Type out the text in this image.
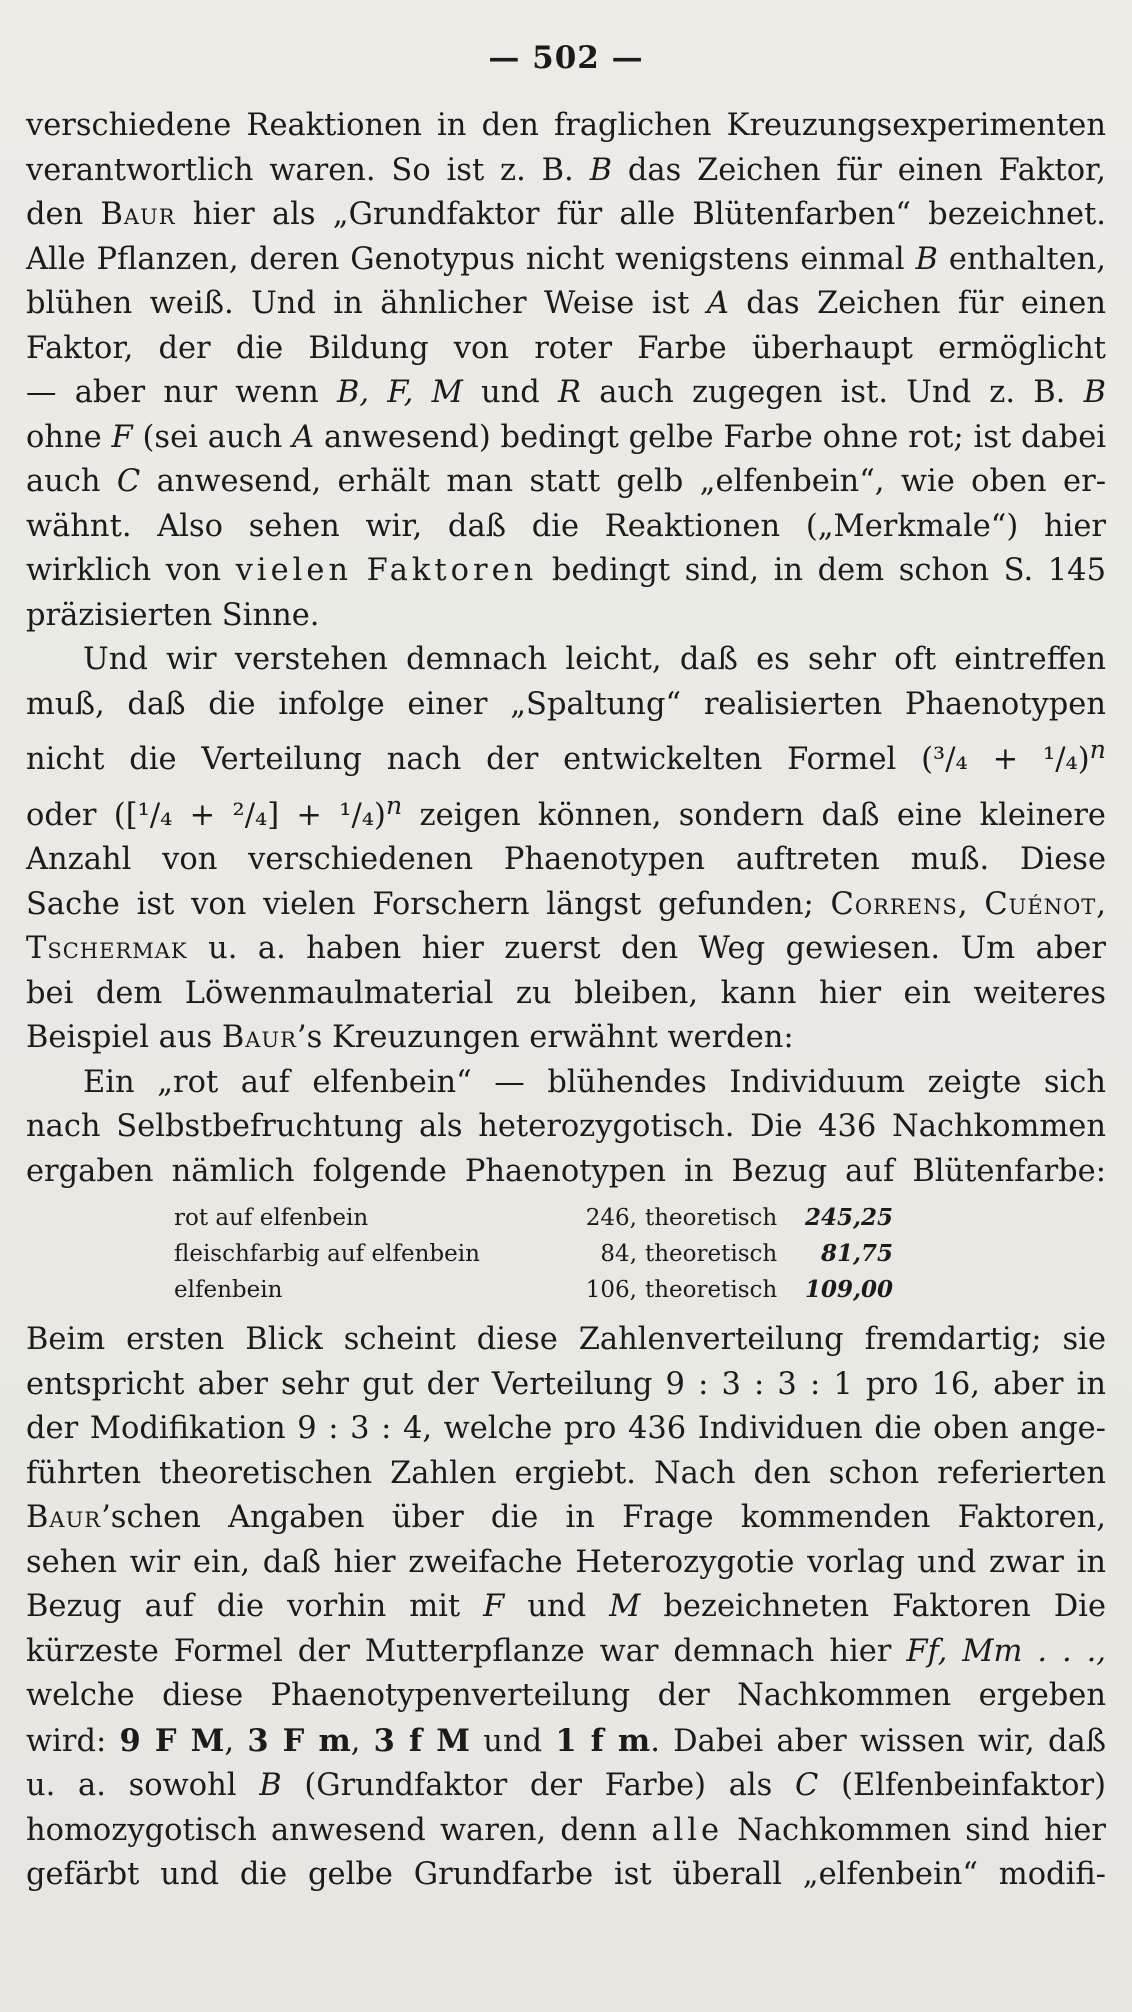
— 502 —

verschiedene Reaktionen in den fraglichen Kreuzungsexperimenten
verantwortlich waren. So ist z. B. B das Zeichen für einen Faktor,
den Baur hier als „Grundfaktor für alle Blütenfarben“ bezeichnet.
Alle Pflanzen, deren Genotypus nicht wenigstens einmal B enthalten,
blühen weiß. Und in ähnlicher Weise ist A das Zeichen für einen
Faktor, der die Bildung von roter Farbe überhaupt ermöglicht
— aber nur wenn B, F, M und R auch zugegen ist. Und z. B. B
ohne F (sei auch A anwesend) bedingt gelbe Farbe ohne rot; ist dabei
auch C anwesend, erhält man statt gelb „elfenbein“, wie oben er-
wähnt. Also sehen wir, daß die Reaktionen („Merkmale“) hier
wirklich von vielen Faktoren bedingt sind, in dem schon S. 145
präzisierten Sinne.

Und wir verstehen demnach leicht, daß es sehr oft eintreffen
muß, daß die infolge einer „Spaltung“ realisierten Phaenotypen
nicht die Verteilung nach der entwickelten Formel $(^3/_4 + ^1/_4)^n$
oder $([^1/_4 + ^2/_4] + ^1/_4)^n$ zeigen können, sondern daß eine kleinere
Anzahl von verschiedenen Phaenotypen auftreten muß. Diese
Sache ist von vielen Forschern längst gefunden; Correns, Cuénot,
Tschermak u. a. haben hier zuerst den Weg gewiesen. Um aber
bei dem Löwenmaulmaterial zu bleiben, kann hier ein weiteres
Beispiel aus Baur’s Kreuzungen erwähnt werden:

Ein „rot auf elfenbein“ — blühendes Individuum zeigte sich
nach Selbstbefruchtung als heterozygotisch. Die 436 Nachkommen
ergaben nämlich folgende Phaenotypen in Bezug auf Blütenfarbe:

rot auf elfenbein	246,	theoretisch	245,25
fleischfarbig auf elfenbein	84,	theoretisch	81,75
elfenbein	106,	theoretisch	109,00

Beim ersten Blick scheint diese Zahlenverteilung fremdartig; sie
entspricht aber sehr gut der Verteilung 9 : 3 : 3 : 1 pro 16, aber in
der Modifikation 9 : 3 : 4, welche pro 436 Individuen die oben ange-
führten theoretischen Zahlen ergiebt. Nach den schon referierten
Baur’schen Angaben über die in Frage kommenden Faktoren,
sehen wir ein, daß hier zweifache Heterozygotie vorlag und zwar in
Bezug auf die vorhin mit F und M bezeichneten Faktoren Die
kürzeste Formel der Mutterpflanze war demnach hier Ff, Mm . . .,
welche diese Phaenotypenverteilung der Nachkommen ergeben
wird: 9 F M, 3 F m, 3 f M und 1 f m. Dabei aber wissen wir, daß
u. a. sowohl B (Grundfaktor der Farbe) als C (Elfenbeinfaktor)
homozygotisch anwesend waren, denn alle Nachkommen sind hier
gefärbt und die gelbe Grundfarbe ist überall „elfenbein“ modifi-
